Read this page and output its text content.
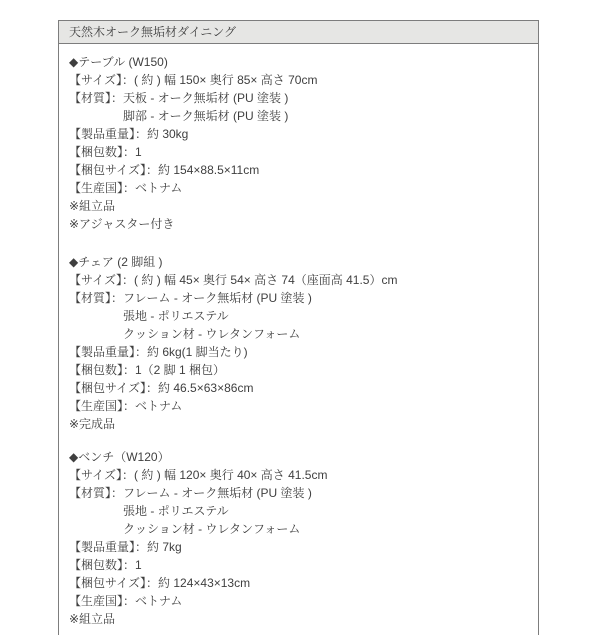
天然木オーク無垢材ダイニング
◆テーブル (W150)
【サイズ】：( 約 ) 幅 150× 奥行 85× 高さ 70cm
【材質】： 天板 - オーク無垢材 (PU 塗装 )
脚部 - オーク無垢材 (PU 塗装 )
【製品重量】：約 30kg
【梱包数】：1
【梱包サイズ】：約 154×88.5×11cm
【生産国】：ベトナム
※組立品
※アジャスター付き
◆チェア (2 脚組 )
【サイズ】：( 約 ) 幅 45× 奥行 54× 高さ 74（座面高 41.5）cm
【材質】： フレーム - オーク無垢材 (PU 塗装 )
張地 - ポリエステル
クッション材 - ウレタンフォーム
【製品重量】：約 6kg(1 脚当たり)
【梱包数】：1（2 脚 1 梱包）
【梱包サイズ】：約 46.5×63×86cm
【生産国】：ベトナム
※完成品
◆ベンチ（W120）
【サイズ】：( 約 ) 幅 120× 奥行 40× 高さ 41.5cm
【材質】： フレーム - オーク無垢材 (PU 塗装 )
張地 - ポリエステル
クッション材 - ウレタンフォーム
【製品重量】：約 7kg
【梱包数】：1
【梱包サイズ】：約 124×43×13cm
【生産国】：ベトナム
※組立品
